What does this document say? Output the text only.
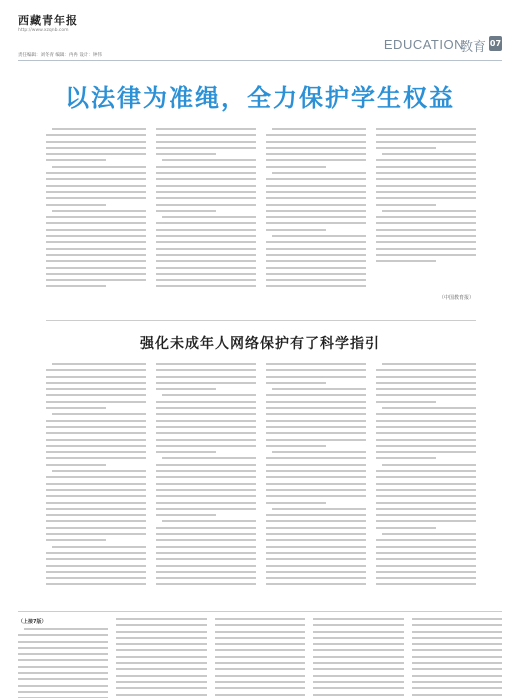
西藏青年报
http://www.xzqnb.com
责任编辑：刘冬青 编辑：冉冉 设计：钟伟
EDUCATION
教育 07
以法律为准绳，全力保护学生权益
（中国教育报）
强化未成年人网络保护有了科学指引
（上接7版）
